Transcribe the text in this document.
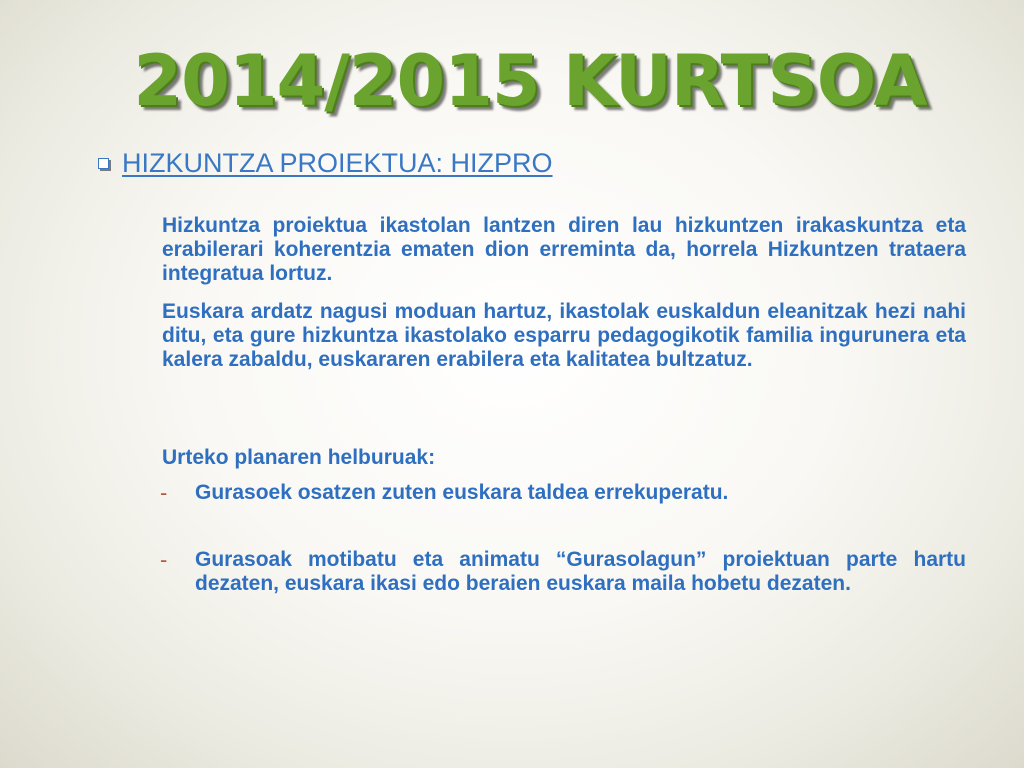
2014/2015 KURTSOA
HIZKUNTZA PROIEKTUA: HIZPRO

Hizkuntza proiektua ikastolan lantzen diren lau hizkuntzen irakaskuntza eta erabilerari koherentzia ematen dion erreminta da, horrela Hizkuntzen trataera integratua lortuz.

Euskara ardatz nagusi moduan hartuz, ikastolak euskaldun eleanitzak hezi nahi ditu, eta gure hizkuntza ikastolako esparru pedagogikotik familia ingurunera eta kalera zabaldu, euskararen erabilera eta kalitatea bultzatuz.

Urteko planaren helburuak:
-	Gurasoek osatzen zuten euskara taldea errekuperatu.

-	Gurasoak motibatu eta animatu “Gurasolagun” proiektuan parte hartu dezaten, euskara ikasi edo beraien euskara maila hobetu dezaten.
